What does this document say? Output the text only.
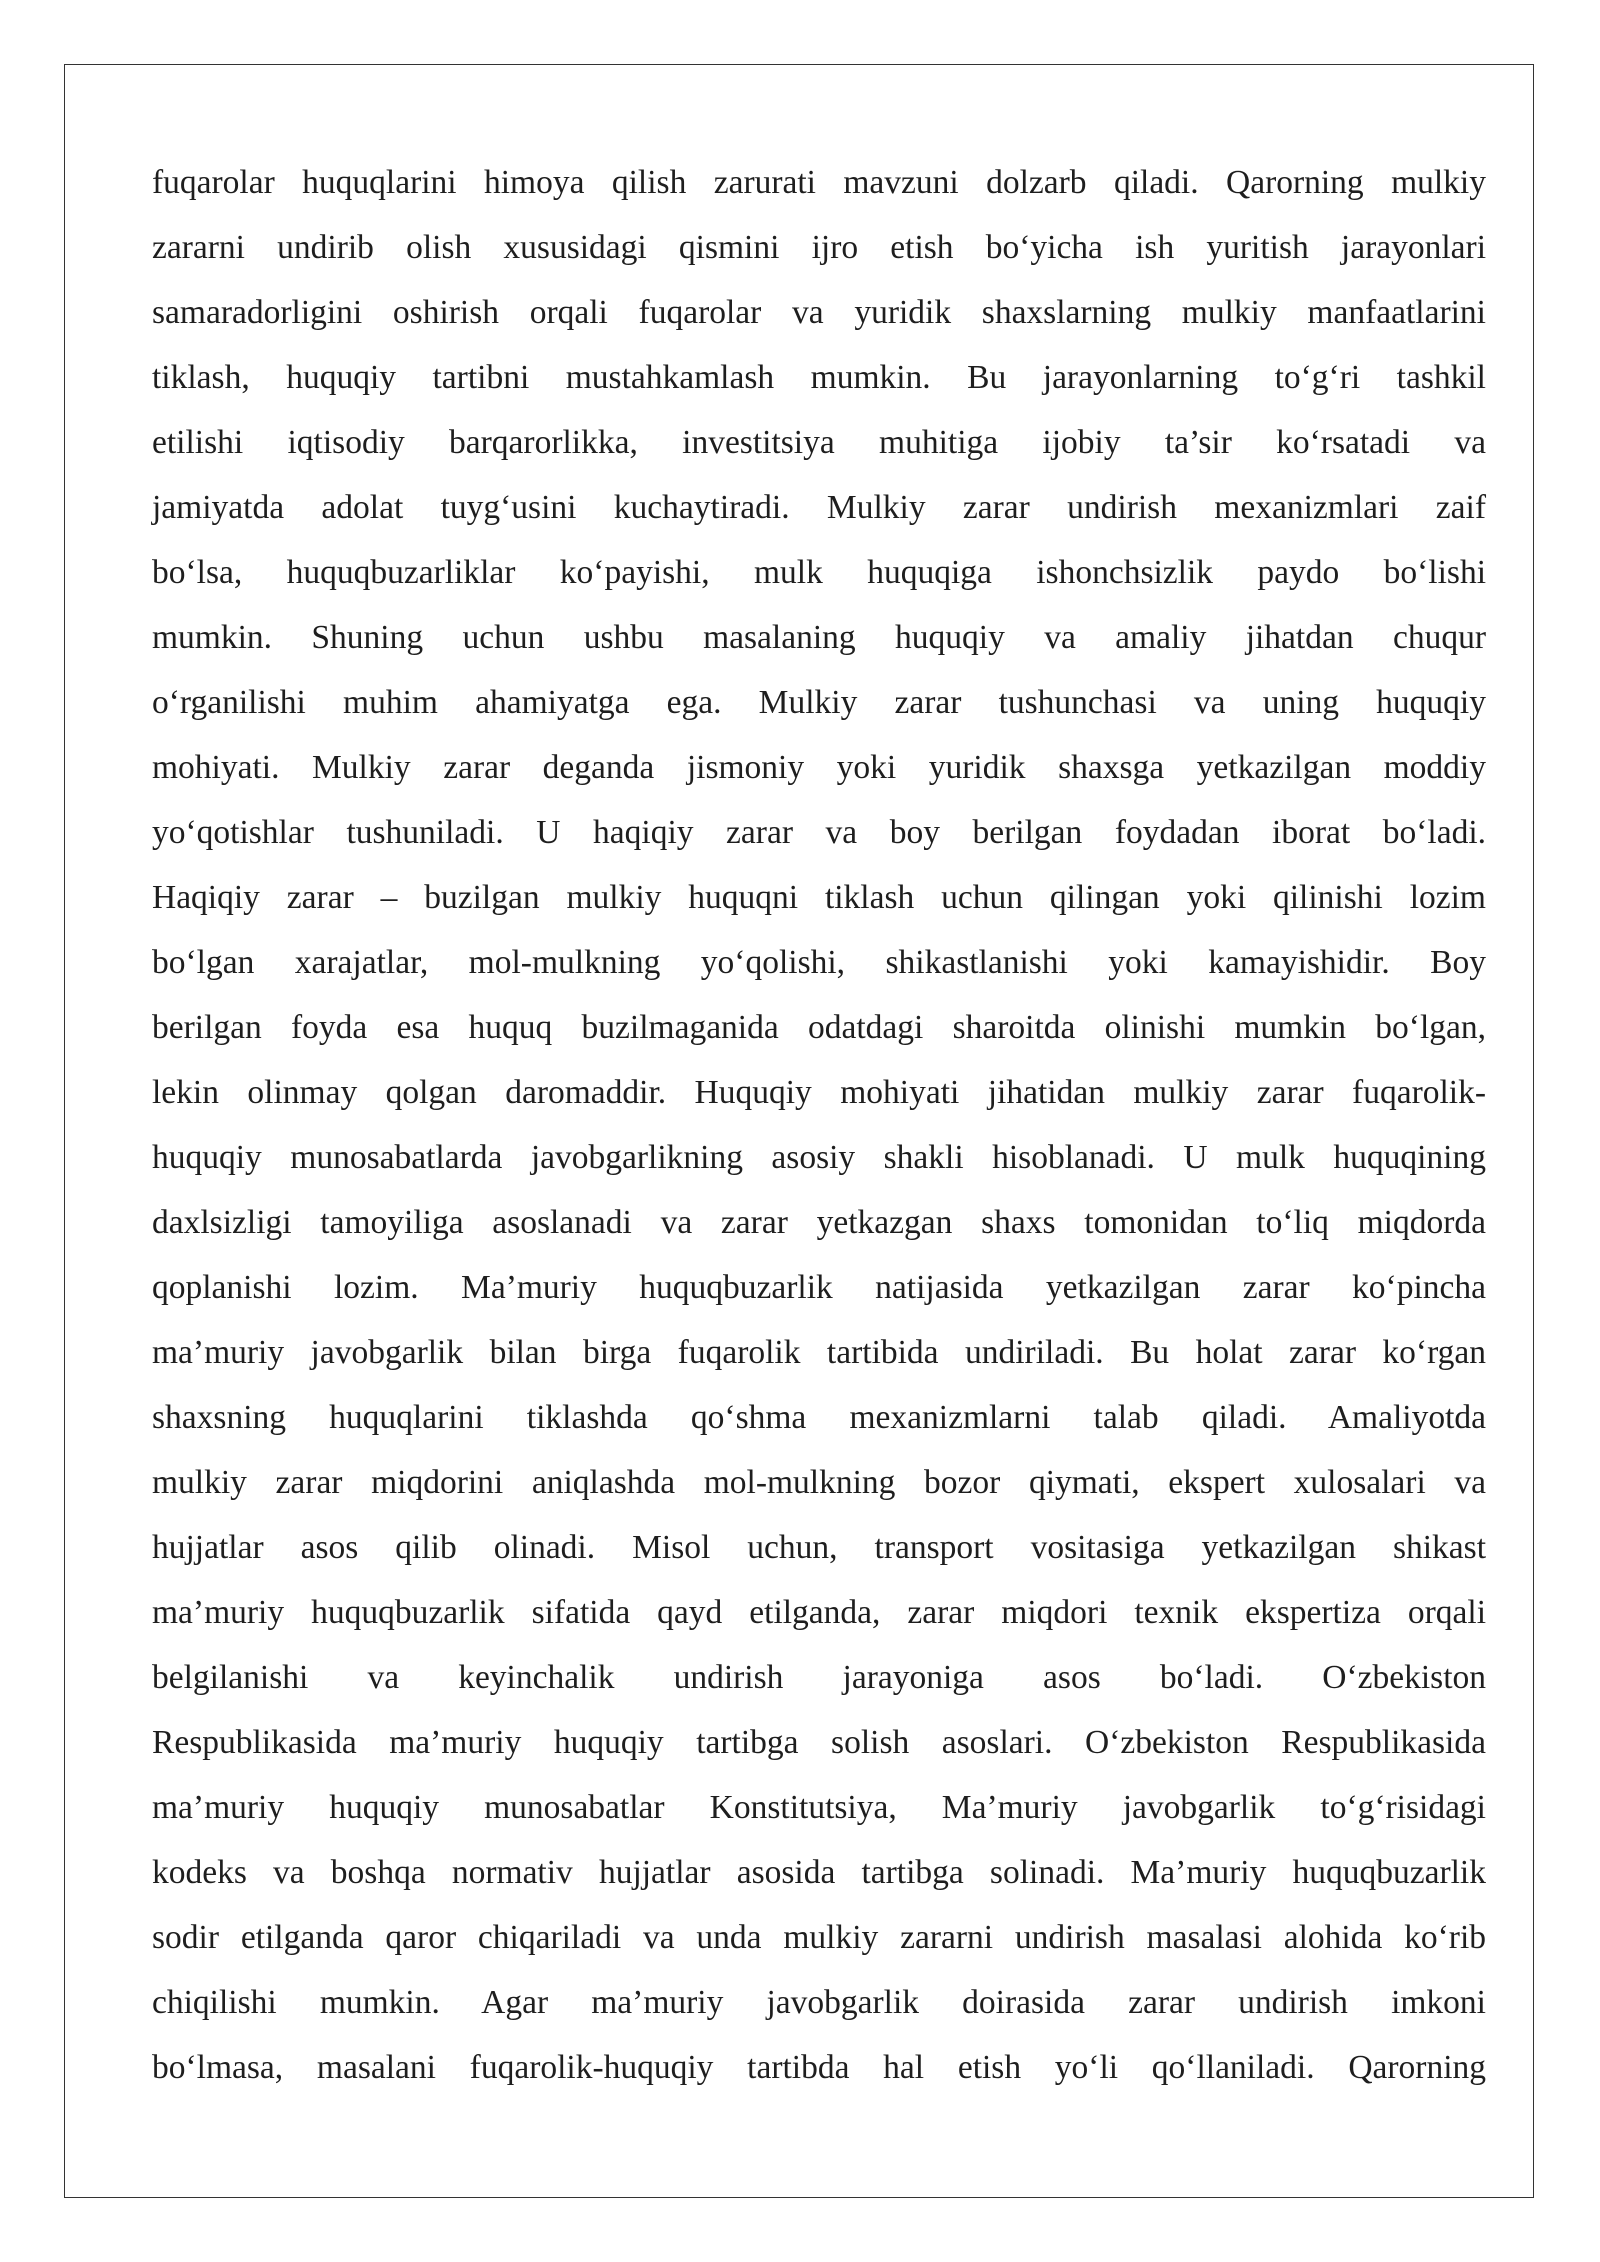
fuqarolar huquqlarini himoya qilish zarurati mavzuni dolzarb qiladi. Qarorning mulkiy
zararni undirib olish xususidagi qismini ijro etish bo‘yicha ish yuritish jarayonlari
samaradorligini oshirish orqali fuqarolar va yuridik shaxslarning mulkiy manfaatlarini
tiklash, huquqiy tartibni mustahkamlash mumkin. Bu jarayonlarning to‘g‘ri tashkil
etilishi iqtisodiy barqarorlikka, investitsiya muhitiga ijobiy ta’sir ko‘rsatadi va
jamiyatda adolat tuyg‘usini kuchaytiradi. Mulkiy zarar undirish mexanizmlari zaif
bo‘lsa, huquqbuzarliklar ko‘payishi, mulk huquqiga ishonchsizlik paydo bo‘lishi
mumkin. Shuning uchun ushbu masalaning huquqiy va amaliy jihatdan chuqur
o‘rganilishi muhim ahamiyatga ega. Mulkiy zarar tushunchasi va uning huquqiy
mohiyati. Mulkiy zarar deganda jismoniy yoki yuridik shaxsga yetkazilgan moddiy
yo‘qotishlar tushuniladi. U haqiqiy zarar va boy berilgan foydadan iborat bo‘ladi.
Haqiqiy zarar – buzilgan mulkiy huquqni tiklash uchun qilingan yoki qilinishi lozim
bo‘lgan xarajatlar, mol-mulkning yo‘qolishi, shikastlanishi yoki kamayishidir. Boy
berilgan foyda esa huquq buzilmaganida odatdagi sharoitda olinishi mumkin bo‘lgan,
lekin olinmay qolgan daromaddir. Huquqiy mohiyati jihatidan mulkiy zarar fuqarolik-
huquqiy munosabatlarda javobgarlikning asosiy shakli hisoblanadi. U mulk huquqining
daxlsizligi tamoyiliga asoslanadi va zarar yetkazgan shaxs tomonidan to‘liq miqdorda
qoplanishi lozim. Ma’muriy huquqbuzarlik natijasida yetkazilgan zarar ko‘pincha
ma’muriy javobgarlik bilan birga fuqarolik tartibida undiriladi. Bu holat zarar ko‘rgan
shaxsning huquqlarini tiklashda qo‘shma mexanizmlarni talab qiladi. Amaliyotda
mulkiy zarar miqdorini aniqlashda mol-mulkning bozor qiymati, ekspert xulosalari va
hujjatlar asos qilib olinadi. Misol uchun, transport vositasiga yetkazilgan shikast
ma’muriy huquqbuzarlik sifatida qayd etilganda, zarar miqdori texnik ekspertiza orqali
belgilanishi va keyinchalik undirish jarayoniga asos bo‘ladi. O‘zbekiston
Respublikasida ma’muriy huquqiy tartibga solish asoslari. O‘zbekiston Respublikasida
ma’muriy huquqiy munosabatlar Konstitutsiya, Ma’muriy javobgarlik to‘g‘risidagi
kodeks va boshqa normativ hujjatlar asosida tartibga solinadi. Ma’muriy huquqbuzarlik
sodir etilganda qaror chiqariladi va unda mulkiy zararni undirish masalasi alohida ko‘rib
chiqilishi mumkin. Agar ma’muriy javobgarlik doirasida zarar undirish imkoni
bo‘lmasa, masalani fuqarolik-huquqiy tartibda hal etish yo‘li qo‘llaniladi. Qarorning
